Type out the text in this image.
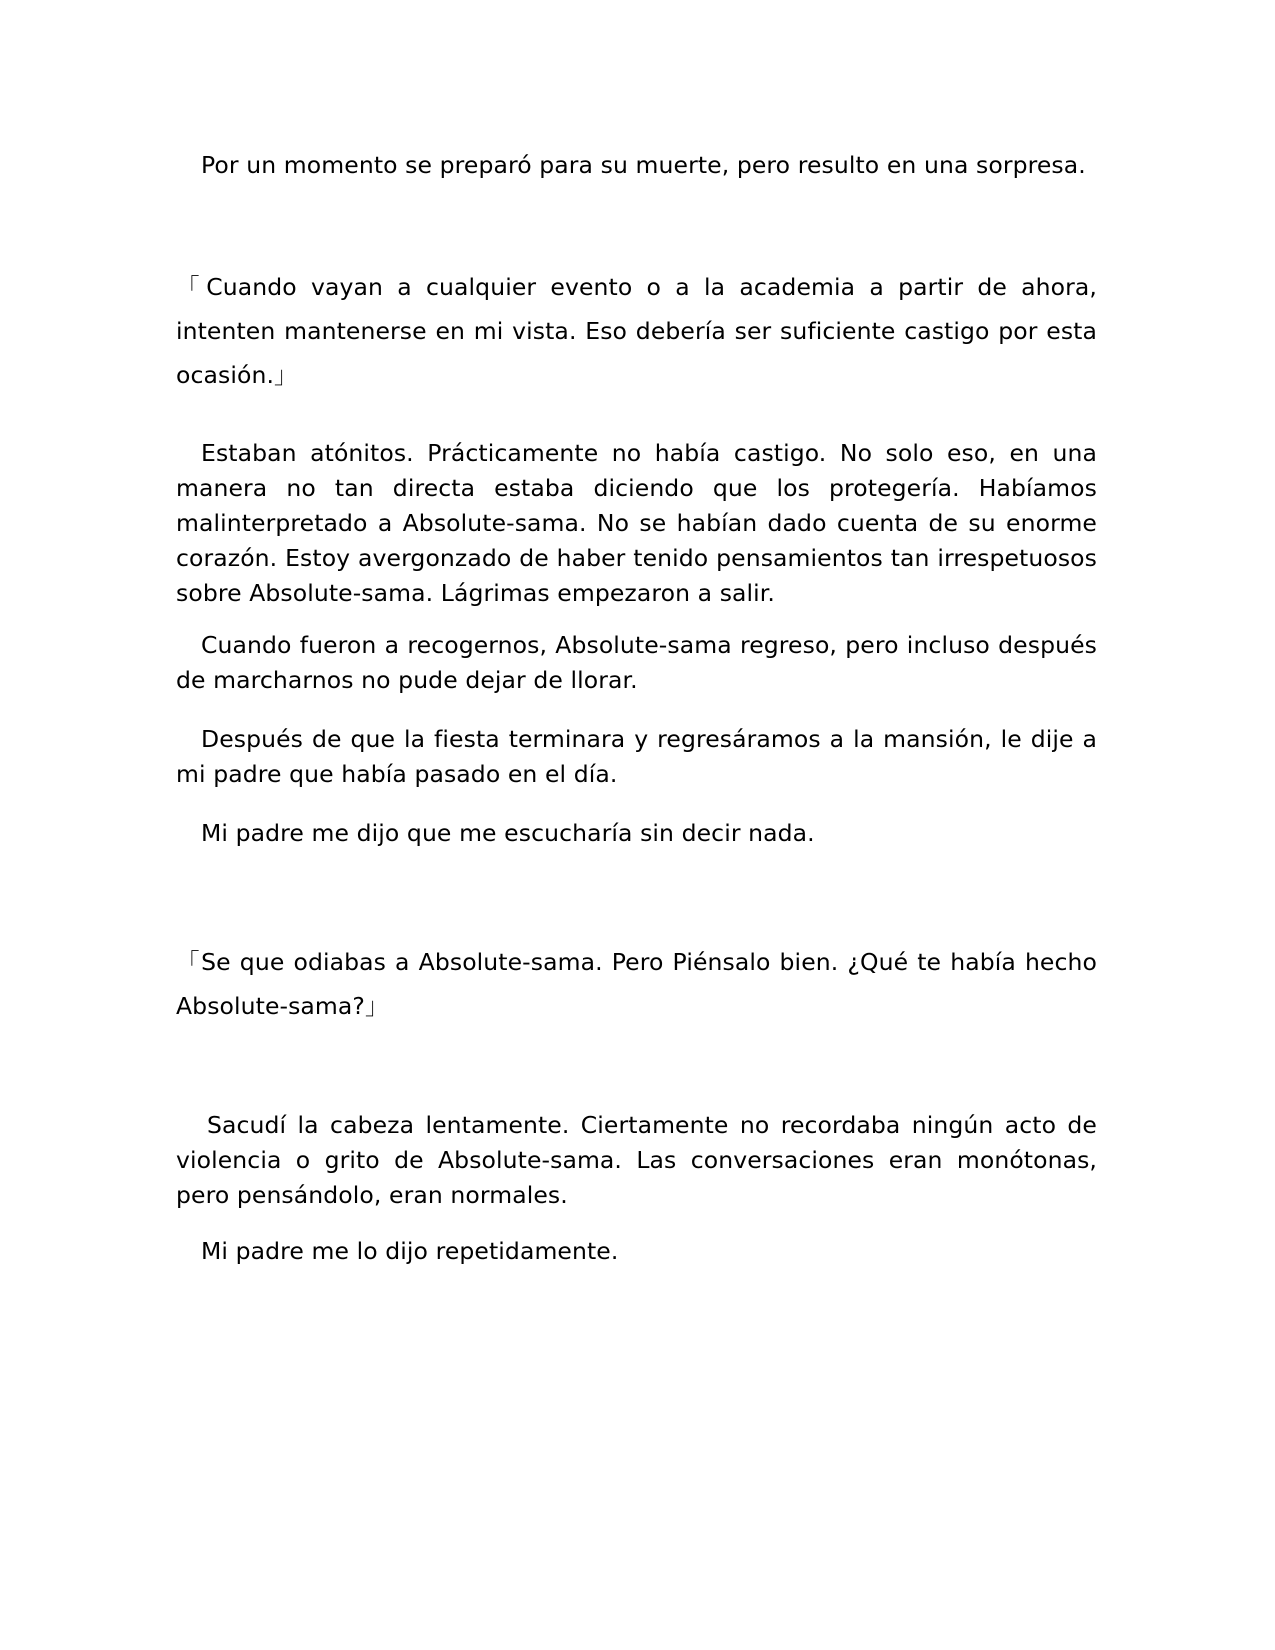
Por un momento se preparó para su muerte, pero resulto en una sorpresa.

「Cuando vayan a cualquier evento o a la academia a partir de ahora, intenten mantenerse en mi vista. Eso debería ser suficiente castigo por esta ocasión.」

Estaban atónitos. Prácticamente no había castigo. No solo eso, en una manera no tan directa estaba diciendo que los protegería. Habíamos malinterpretado a Absolute-sama. No se habían dado cuenta de su enorme corazón. Estoy avergonzado de haber tenido pensamientos tan irrespetuosos sobre Absolute-sama. Lágrimas empezaron a salir.

Cuando fueron a recogernos, Absolute-sama regreso, pero incluso después de marcharnos no pude dejar de llorar.

Después de que la fiesta terminara y regresáramos a la mansión, le dije a mi padre que había pasado en el día.

Mi padre me dijo que me escucharía sin decir nada.

「Se que odiabas a Absolute-sama. Pero Piénsalo bien. ¿Qué te había hecho Absolute-sama?」

Sacudí la cabeza lentamente. Ciertamente no recordaba ningún acto de violencia o grito de Absolute-sama. Las conversaciones eran monótonas, pero pensándolo, eran normales.

Mi padre me lo dijo repetidamente.
